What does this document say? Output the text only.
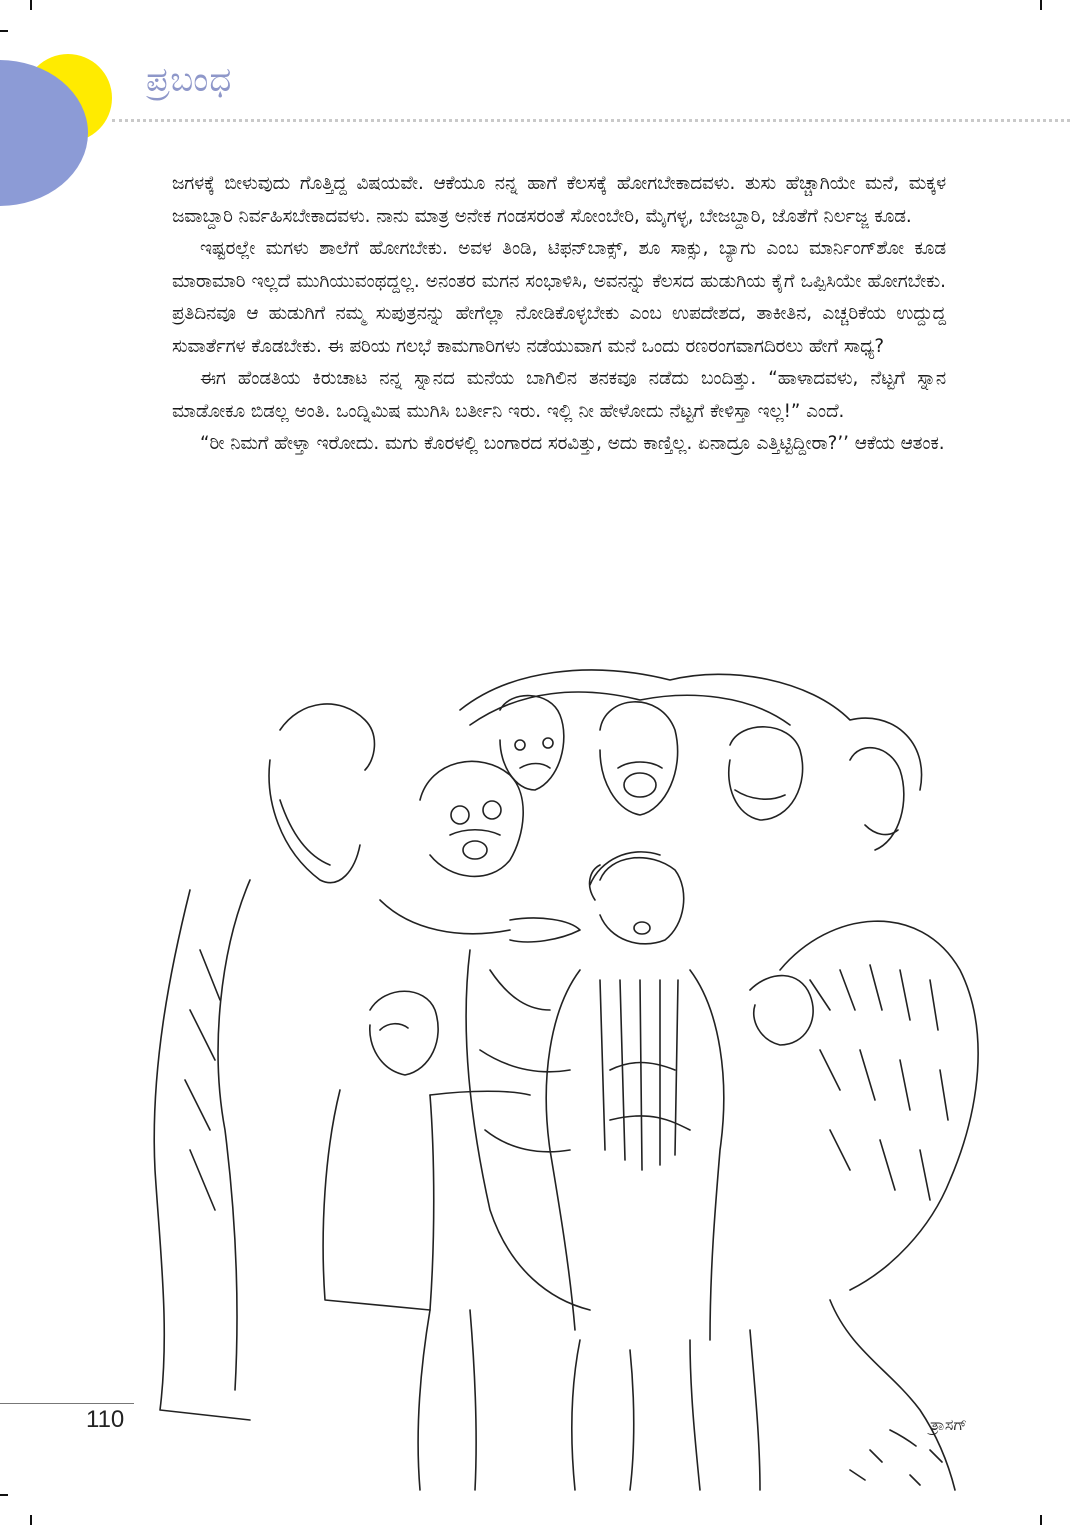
ಪ್ರಬಂಧ

ಜಗಳಕ್ಕೆ ಬೀಳುವುದು ಗೊತ್ತಿದ್ದ ವಿಷಯವೇ. ಆಕೆಯೂ ನನ್ನ ಹಾಗೆ ಕೆಲಸಕ್ಕೆ ಹೋಗಬೇಕಾದವಳು. ತುಸು ಹೆಚ್ಚಾಗಿಯೇ ಮನೆ, ಮಕ್ಕಳ ಜವಾಬ್ದಾರಿ ನಿರ್ವಹಿಸಬೇಕಾದವಳು. ನಾನು ಮಾತ್ರ ಅನೇಕ ಗಂಡಸರಂತೆ ಸೋಂಬೇರಿ, ಮೈಗಳ್ಳ, ಬೇಜಬ್ದಾರಿ, ಜೊತೆಗೆ ನಿರ್ಲಜ್ಜ ಕೂಡ.

ಇಷ್ಟರಲ್ಲೇ ಮಗಳು ಶಾಲೆಗೆ ಹೋಗಬೇಕು. ಅವಳ ತಿಂಡಿ, ಟಿಫನ್‌ಬಾಕ್ಸ್, ಶೂ ಸಾಕ್ಸು, ಬ್ಯಾಗು ಎಂಬ ಮಾರ್ನಿಂಗ್‌ಶೋ ಕೂಡ ಮಾರಾಮಾರಿ ಇಲ್ಲದೆ ಮುಗಿಯುವಂಥದ್ದಲ್ಲ. ಅನಂತರ ಮಗನ ಸಂಭಾಳಿಸಿ, ಅವನನ್ನು ಕೆಲಸದ ಹುಡುಗಿಯ ಕೈಗೆ ಒಪ್ಪಿಸಿಯೇ ಹೋಗಬೇಕು. ಪ್ರತಿದಿನವೂ ಆ ಹುಡುಗಿಗೆ ನಮ್ಮ ಸುಪುತ್ರನನ್ನು ಹೇಗೆಲ್ಲಾ ನೋಡಿಕೊಳ್ಳಬೇಕು ಎಂಬ ಉಪದೇಶದ, ತಾಕೀತಿನ, ಎಚ್ಚರಿಕೆಯ ಉದ್ದುದ್ದ ಸುವಾರ್ತೆಗಳ ಕೊಡಬೇಕು. ಈ ಪರಿಯ ಗಲಭೆ ಕಾಮಗಾರಿಗಳು ನಡೆಯುವಾಗ ಮನೆ ಒಂದು ರಣರಂಗವಾಗದಿರಲು ಹೇಗೆ ಸಾಧ್ಯ?

ಈಗ ಹೆಂಡತಿಯ ಕಿರುಚಾಟ ನನ್ನ ಸ್ನಾನದ ಮನೆಯ ಬಾಗಿಲಿನ ತನಕವೂ ನಡೆದು ಬಂದಿತ್ತು. “ಹಾಳಾದವಳು, ನೆಟ್ಟಗೆ ಸ್ನಾನ ಮಾಡೋಕೂ ಬಿಡಲ್ಲ ಅಂತಿ. ಒಂದ್ನಿಮಿಷ ಮುಗಿಸಿ ಬರ್ತೀನಿ ಇರು. ಇಲ್ಲಿ ನೀ ಹೇಳೋದು ನೆಟ್ಟಗೆ ಕೇಳಿಸ್ತಾ ಇಲ್ಲ!” ಎಂದೆ.

“ರೀ ನಿಮಗೆ ಹೇಳ್ತಾ ಇರೋದು. ಮಗು ಕೊರಳಲ್ಲಿ ಬಂಗಾರದ ಸರವಿತ್ತು, ಅದು ಕಾಣ್ತಿಲ್ಲ. ಏನಾದ್ರೂ ಎತ್ತಿಟ್ಟಿದ್ದೀರಾ?’’ ಆಕೆಯ ಆತಂಕ.

ತ್ರಾಸಗ್
110
